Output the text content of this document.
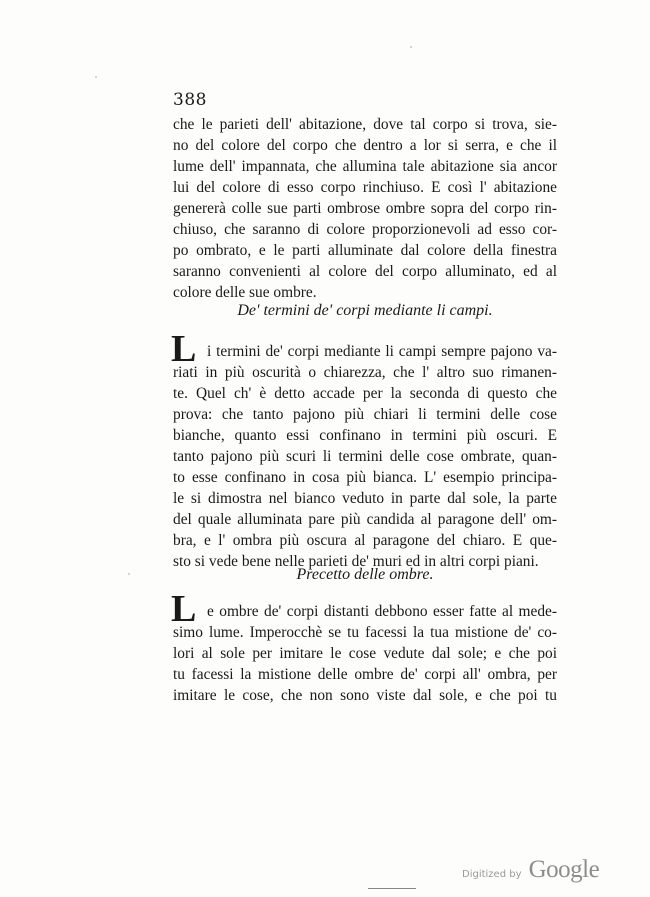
388
che le parieti dell' abitazione, dove tal corpo si trova, sie-
no del colore del corpo che dentro a lor si serra, e che il
lume dell' impannata, che allumina tale abitazione sia ancor
lui del colore di esso corpo rinchiuso. E così l' abitazione
genererà colle sue parti ombrose ombre sopra del corpo rin-
chiuso, che saranno di colore proporzionevoli ad esso cor-
po ombrato, e le parti alluminate dal colore della finestra
saranno convenienti al colore del corpo alluminato, ed al
colore delle sue ombre.
De' termini de' corpi mediante li campi.
L i termini de' corpi mediante li campi sempre pajono va-
riati in più oscurità o chiarezza, che l' altro suo rimanen-
te. Quel ch' è detto accade per la seconda di questo che
prova: che tanto pajono più chiari li termini delle cose
bianche, quanto essi confinano in termini più oscuri. E
tanto pajono più scuri li termini delle cose ombrate, quan-
to esse confinano in cosa più bianca. L' esempio principa-
le si dimostra nel bianco veduto in parte dal sole, la parte
del quale alluminata pare più candida al paragone dell' om-
bra, e l' ombra più oscura al paragone del chiaro. E que-
sto si vede bene nelle parieti de' muri ed in altri corpi piani.
Precetto delle ombre.
L e ombre de' corpi distanti debbono esser fatte al mede-
simo lume. Imperocchè se tu facessi la tua mistione de' co-
lori al sole per imitare le cose vedute dal sole; e che poi
tu facessi la mistione delle ombre de' corpi all' ombra, per
imitare le cose, che non sono viste dal sole, e che poi tu
Digitized by Google
